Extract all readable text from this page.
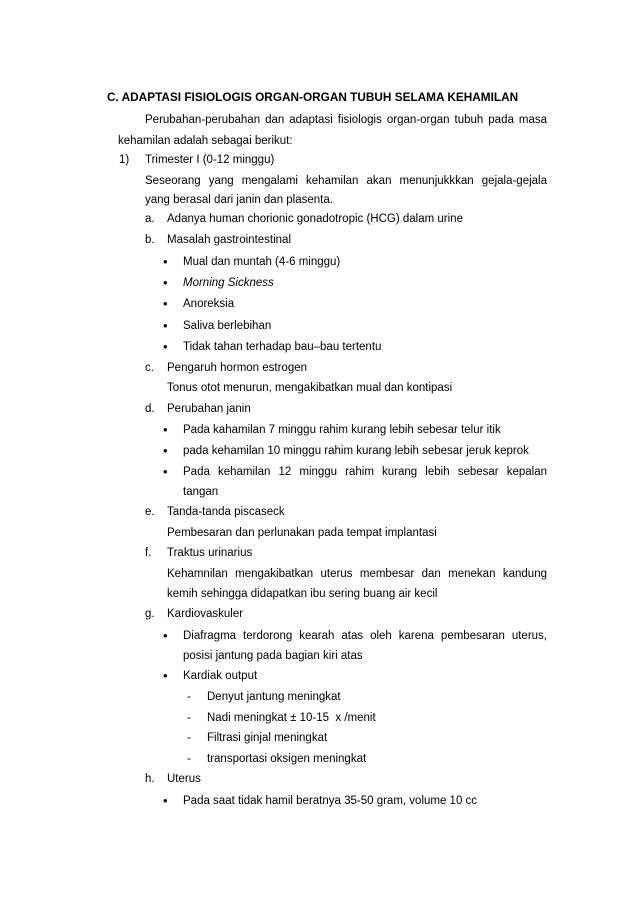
C. ADAPTASI FISIOLOGIS ORGAN-ORGAN TUBUH SELAMA KEHAMILAN
Perubahan-perubahan dan adaptasi fisiologis organ-organ tubuh pada masa
kehamilan adalah sebagai berikut:
1) Trimester I (0-12 minggu)
Seseorang yang mengalami kehamilan akan menunjukkkan gejala-gejala
yang berasal dari janin dan plasenta.
a. Adanya human chorionic gonadotropic (HCG) dalam urine
b. Masalah gastrointestinal
• Mual dan muntah (4-6 minggu)
• Morning Sickness
• Anoreksia
• Saliva berlebihan
• Tidak tahan terhadap bau–bau tertentu
c. Pengaruh hormon estrogen
Tonus otot menurun, mengakibatkan mual dan kontipasi
d. Perubahan janin
• Pada kahamilan 7 minggu rahim kurang lebih sebesar telur itik
• pada kehamilan 10 minggu rahim kurang lebih sebesar jeruk keprok
• Pada kehamilan 12 minggu rahim kurang lebih sebesar kepalan
tangan
e. Tanda-tanda piscaseck
Pembesaran dan perlunakan pada tempat implantasi
f. Traktus urinarius
Kehamnilan mengakibatkan uterus membesar dan menekan kandung
kemih sehingga didapatkan ibu sering buang air kecil
g. Kardiovaskuler
• Diafragma terdorong kearah atas oleh karena pembesaran uterus,
posisi jantung pada bagian kiri atas
• Kardiak output
- Denyut jantung meningkat
- Nadi meningkat ± 10-15  x /menit
- Filtrasi ginjal meningkat
- transportasi oksigen meningkat
h. Uterus
• Pada saat tidak hamil beratnya 35-50 gram, volume 10 cc
